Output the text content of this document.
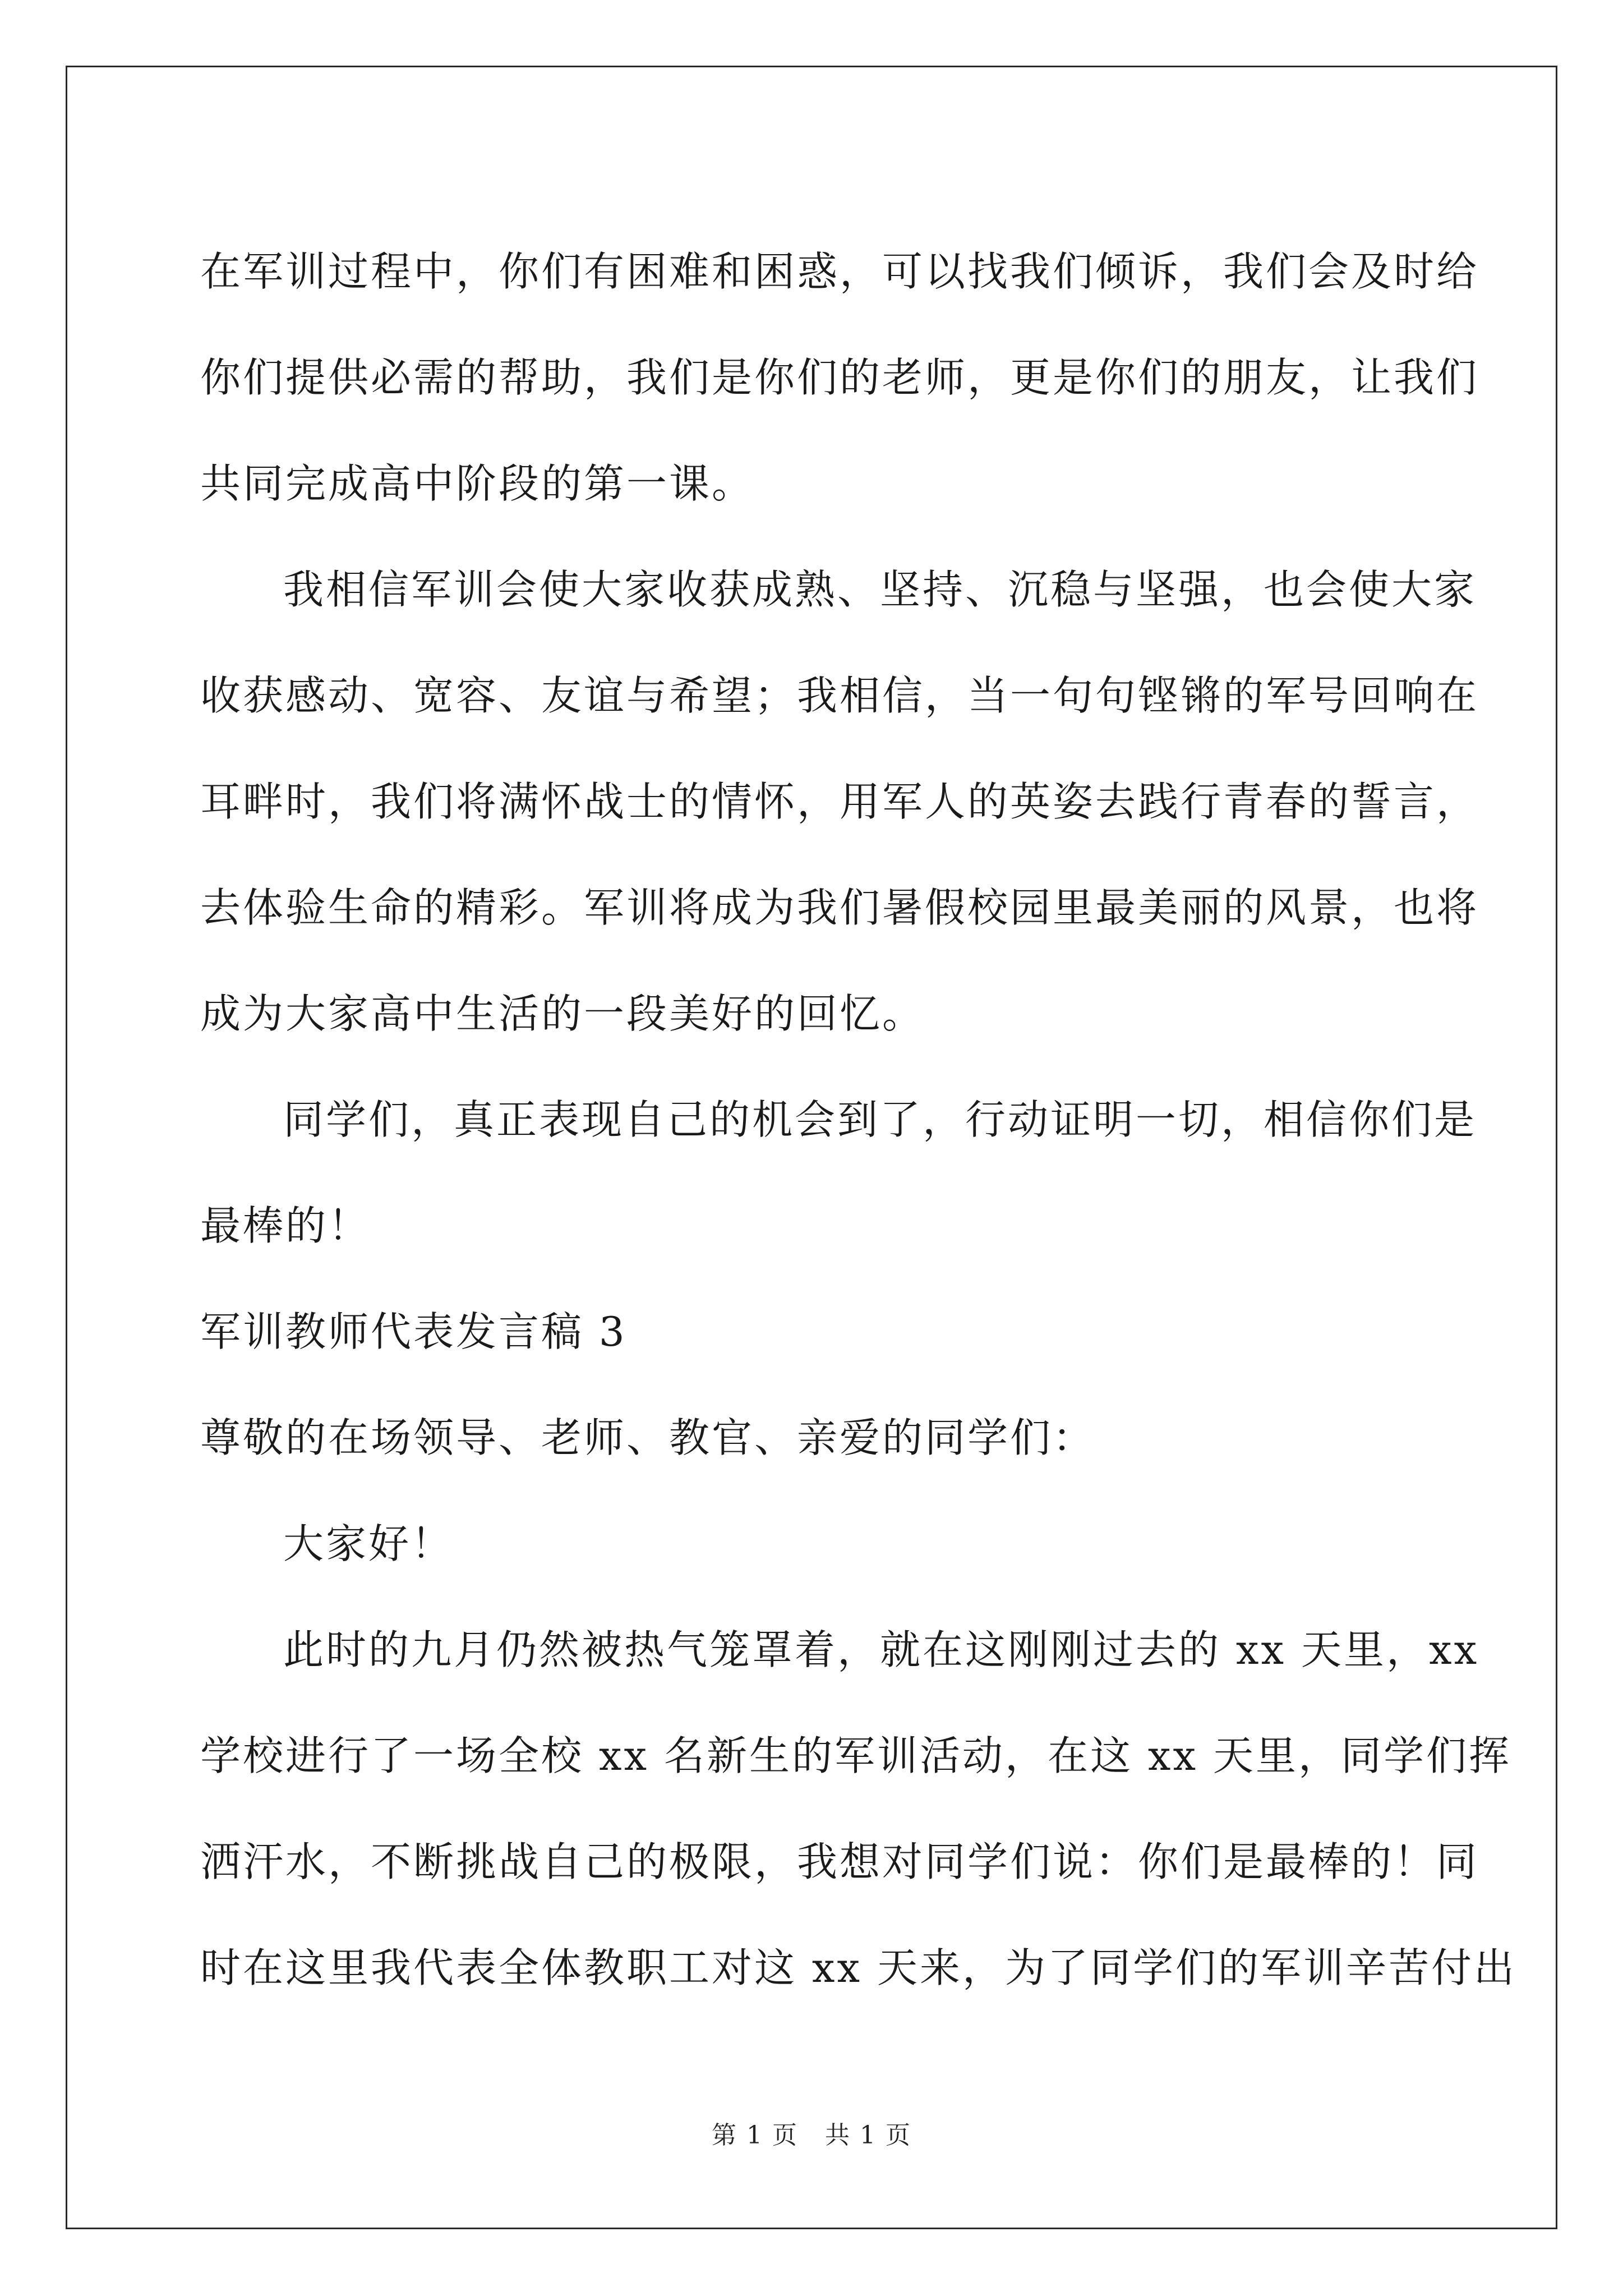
在军训过程中，你们有困难和困惑，可以找我们倾诉，我们会及时给
你们提供必需的帮助，我们是你们的老师，更是你们的朋友，让我们
共同完成高中阶段的第一课。
我相信军训会使大家收获成熟、坚持、沉稳与坚强，也会使大家
收获感动、宽容、友谊与希望；我相信，当一句句铿锵的军号回响在
耳畔时，我们将满怀战士的情怀，用军人的英姿去践行青春的誓言，
去体验生命的精彩。军训将成为我们暑假校园里最美丽的风景，也将
成为大家高中生活的一段美好的回忆。
同学们，真正表现自己的机会到了，行动证明一切，相信你们是
最棒的！
军训教师代表发言稿 3
尊敬的在场领导、老师、教官、亲爱的同学们：
大家好！
此时的九月仍然被热气笼罩着，就在这刚刚过去的 xx 天里，xx
学校进行了一场全校 xx 名新生的军训活动，在这 xx 天里，同学们挥
洒汗水，不断挑战自己的极限，我想对同学们说：你们是最棒的！同
时在这里我代表全体教职工对这 xx 天来，为了同学们的军训辛苦付出
第 1 页   共 1 页
